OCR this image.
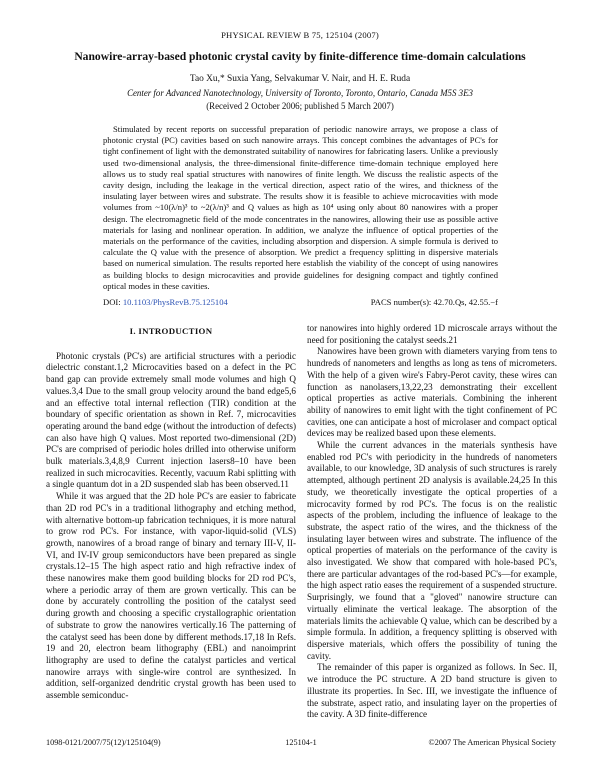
PHYSICAL REVIEW B 75, 125104 (2007)
Nanowire-array-based photonic crystal cavity by finite-difference time-domain calculations
Tao Xu,* Suxia Yang, Selvakumar V. Nair, and H. E. Ruda
Center for Advanced Nanotechnology, University of Toronto, Toronto, Ontario, Canada M5S 3E3
(Received 2 October 2006; published 5 March 2007)

Stimulated by recent reports on successful preparation of periodic nanowire arrays, we propose a class of photonic crystal (PC) cavities based on such nanowire arrays. This concept combines the advantages of PC's for tight confinement of light with the demonstrated suitability of nanowires for fabricating lasers. Unlike a previously used two-dimensional analysis, the three-dimensional finite-difference time-domain technique employed here allows us to study real spatial structures with nanowires of finite length. We discuss the realistic aspects of the cavity design, including the leakage in the vertical direction, aspect ratio of the wires, and thickness of the insulating layer between wires and substrate. The results show it is feasible to achieve microcavities with mode volumes from ~10(λ/n)³ to ~2(λ/n)³ and Q values as high as 10⁴ using only about 80 nanowires with a proper design. The electromagnetic field of the mode concentrates in the nanowires, allowing their use as possible active materials for lasing and nonlinear operation. In addition, we analyze the influence of optical properties of the materials on the performance of the cavities, including absorption and dispersion. A simple formula is derived to calculate the Q value with the presence of absorption. We predict a frequency splitting in dispersive materials based on numerical simulation. The results reported here establish the viability of the concept of using nanowires as building blocks to design microcavities and provide guidelines for designing compact and tightly confined optical modes in these cavities.

DOI: 10.1103/PhysRevB.75.125104	PACS number(s): 42.70.Qs, 42.55.−f
I. INTRODUCTION

Photonic crystals (PC's) are artificial structures with a periodic dielectric constant.1,2 Microcavities based on a defect in the PC band gap can provide extremely small mode volumes and high Q values.3,4 Due to the small group velocity around the band edge5,6 and an effective total internal reflection (TIR) condition at the boundary of specific orientation as shown in Ref. 7, microcavities operating around the band edge (without the introduction of defects) can also have high Q values. Most reported two-dimensional (2D) PC's are comprised of periodic holes drilled into otherwise uniform bulk materials.3,4,8,9 Current injection lasers8–10 have been realized in such microcavities. Recently, vacuum Rabi splitting with a single quantum dot in a 2D suspended slab has been observed.11

While it was argued that the 2D hole PC's are easier to fabricate than 2D rod PC's in a traditional lithography and etching method, with alternative bottom-up fabrication techniques, it is more natural to grow rod PC's. For instance, with vapor-liquid-solid (VLS) growth, nanowires of a broad range of binary and ternary III-V, II-VI, and IV-IV group semiconductors have been prepared as single crystals.12–15 The high aspect ratio and high refractive index of these nanowires make them good building blocks for 2D rod PC's, where a periodic array of them are grown vertically. This can be done by accurately controlling the position of the catalyst seed during growth and choosing a specific crystallographic orientation of substrate to grow the nanowires vertically.16 The patterning of the catalyst seed has been done by different methods.17,18 In Refs. 19 and 20, electron beam lithography (EBL) and nanoimprint lithography are used to define the catalyst particles and vertical nanowire arrays with single-wire control are synthesized. In addition, self-organized dendritic crystal growth has been used to assemble semiconduc-

tor nanowires into highly ordered 1D microscale arrays without the need for positioning the catalyst seeds.21

Nanowires have been grown with diameters varying from tens to hundreds of nanometers and lengths as long as tens of micrometers. With the help of a given wire's Fabry-Perot cavity, these wires can function as nanolasers,13,22,23 demonstrating their excellent optical properties as active materials. Combining the inherent ability of nanowires to emit light with the tight confinement of PC cavities, one can anticipate a host of microlaser and compact optical devices may be realized based upon these elements.

While the current advances in the materials synthesis have enabled rod PC's with periodicity in the hundreds of nanometers available, to our knowledge, 3D analysis of such structures is rarely attempted, although pertinent 2D analysis is available.24,25 In this study, we theoretically investigate the optical properties of a microcavity formed by rod PC's. The focus is on the realistic aspects of the problem, including the influence of leakage to the substrate, the aspect ratio of the wires, and the thickness of the insulating layer between wires and substrate. The influence of the optical properties of materials on the performance of the cavity is also investigated. We show that compared with hole-based PC's, there are particular advantages of the rod-based PC's—for example, the high aspect ratio eases the requirement of a suspended structure. Surprisingly, we found that a "gloved" nanowire structure can virtually eliminate the vertical leakage. The absorption of the materials limits the achievable Q value, which can be described by a simple formula. In addition, a frequency splitting is observed with dispersive materials, which offers the possibility of tuning the cavity.

The remainder of this paper is organized as follows. In Sec. II, we introduce the PC structure. A 2D band structure is given to illustrate its properties. In Sec. III, we investigate the influence of the substrate, aspect ratio, and insulating layer on the properties of the cavity. A 3D finite-difference

1098-0121/2007/75(12)/125104(9)	125104-1	©2007 The American Physical Society
